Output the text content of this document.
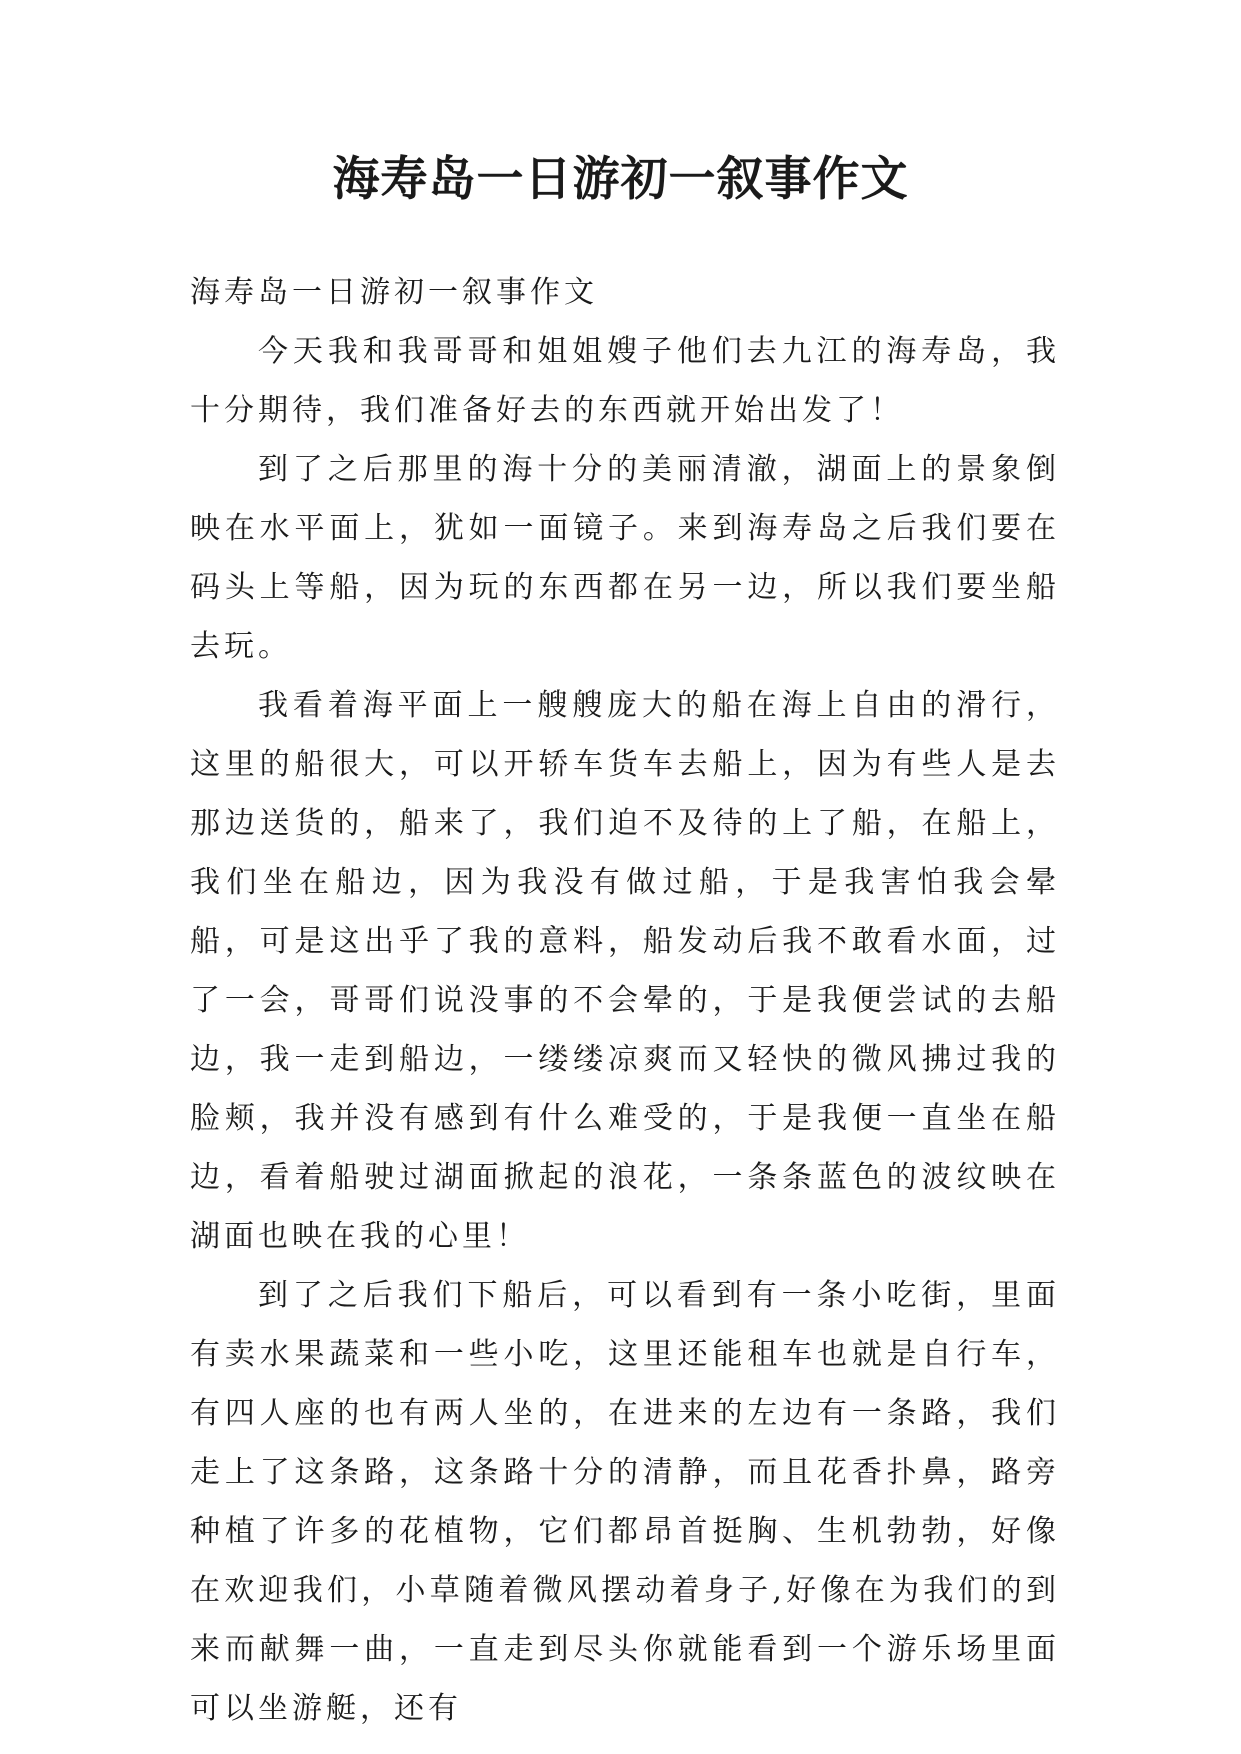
海寿岛一日游初一叙事作文

海寿岛一日游初一叙事作文

今天我和我哥哥和姐姐嫂子他们去九江的海寿岛，我十分期待，我们准备好去的东西就开始出发了！

到了之后那里的海十分的美丽清澈，湖面上的景象倒映在水平面上，犹如一面镜子。来到海寿岛之后我们要在码头上等船，因为玩的东西都在另一边，所以我们要坐船去玩。

我看着海平面上一艘艘庞大的船在海上自由的滑行，这里的船很大，可以开轿车货车去船上，因为有些人是去那边送货的，船来了，我们迫不及待的上了船，在船上，我们坐在船边，因为我没有做过船，于是我害怕我会晕船，可是这出乎了我的意料，船发动后我不敢看水面，过了一会，哥哥们说没事的不会晕的，于是我便尝试的去船边，我一走到船边，一缕缕凉爽而又轻快的微风拂过我的脸颊，我并没有感到有什么难受的，于是我便一直坐在船边，看着船驶过湖面掀起的浪花，一条条蓝色的波纹映在湖面也映在我的心里！

到了之后我们下船后，可以看到有一条小吃街，里面有卖水果蔬菜和一些小吃，这里还能租车也就是自行车，有四人座的也有两人坐的，在进来的左边有一条路，我们走上了这条路，这条路十分的清静，而且花香扑鼻，路旁种植了许多的花植物，它们都昂首挺胸、生机勃勃，好像在欢迎我们，小草随着微风摆动着身子,好像在为我们的到来而献舞一曲，一直走到尽头你就能看到一个游乐场里面可以坐游艇，还有
